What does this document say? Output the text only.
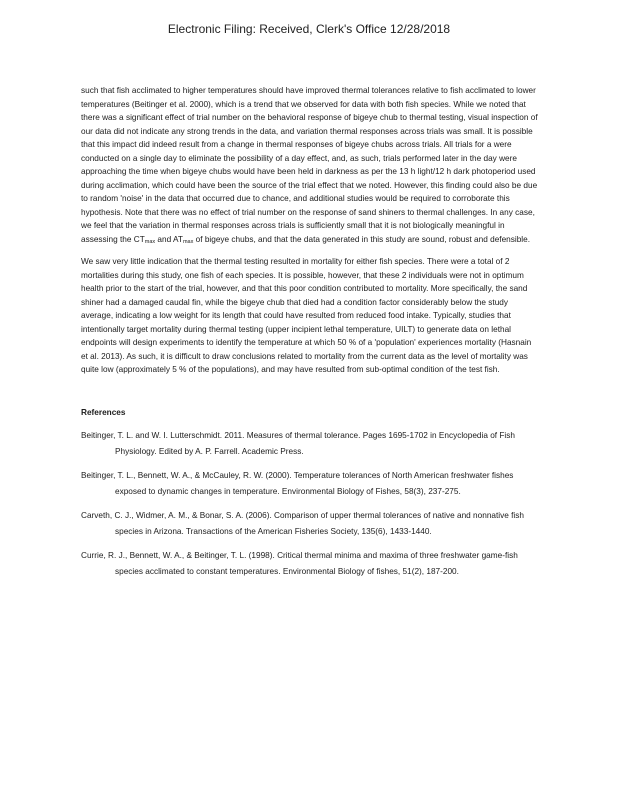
Electronic Filing: Received, Clerk's Office 12/28/2018

such that fish acclimated to higher temperatures should have improved thermal tolerances relative to fish acclimated to lower temperatures (Beitinger et al. 2000), which is a trend that we observed for data with both fish species. While we noted that there was a significant effect of trial number on the behavioral response of bigeye chub to thermal testing, visual inspection of our data did not indicate any strong trends in the data, and variation thermal responses across trials was small. It is possible that this impact did indeed result from a change in thermal responses of bigeye chubs across trials. All trials for a were conducted on a single day to eliminate the possibility of a day effect, and, as such, trials performed later in the day were approaching the time when bigeye chubs would have been held in darkness as per the 13 h light/12 h dark photoperiod used during acclimation, which could have been the source of the trial effect that we noted. However, this finding could also be due to random 'noise' in the data that occurred due to chance, and additional studies would be required to corroborate this hypothesis. Note that there was no effect of trial number on the response of sand shiners to thermal challenges. In any case, we feel that the variation in thermal responses across trials is sufficiently small that it is not biologically meaningful in assessing the $CT_{max}$ and $AT_{max}$ of bigeye chubs, and that the data generated in this study are sound, robust and defensible.

We saw very little indication that the thermal testing resulted in mortality for either fish species. There were a total of 2 mortalities during this study, one fish of each species. It is possible, however, that these 2 individuals were not in optimum health prior to the start of the trial, however, and that this poor condition contributed to mortality. More specifically, the sand shiner had a damaged caudal fin, while the bigeye chub that died had a condition factor considerably below the study average, indicating a low weight for its length that could have resulted from reduced food intake. Typically, studies that intentionally target mortality during thermal testing (upper incipient lethal temperature, UILT) to generate data on lethal endpoints will design experiments to identify the temperature at which 50 % of a 'population' experiences mortality (Hasnain et al. 2013). As such, it is difficult to draw conclusions related to mortality from the current data as the level of mortality was quite low (approximately 5 % of the populations), and may have resulted from sub-optimal condition of the test fish.

References

Beitinger, T. L. and W. I. Lutterschmidt. 2011. Measures of thermal tolerance. Pages 1695-1702 in Encyclopedia of Fish Physiology. Edited by A. P. Farrell. Academic Press.

Beitinger, T. L., Bennett, W. A., & McCauley, R. W. (2000). Temperature tolerances of North American freshwater fishes exposed to dynamic changes in temperature. Environmental Biology of Fishes, 58(3), 237-275.

Carveth, C. J., Widmer, A. M., & Bonar, S. A. (2006). Comparison of upper thermal tolerances of native and nonnative fish species in Arizona. Transactions of the American Fisheries Society, 135(6), 1433-1440.

Currie, R. J., Bennett, W. A., & Beitinger, T. L. (1998). Critical thermal minima and maxima of three freshwater game-fish species acclimated to constant temperatures. Environmental Biology of fishes, 51(2), 187-200.
